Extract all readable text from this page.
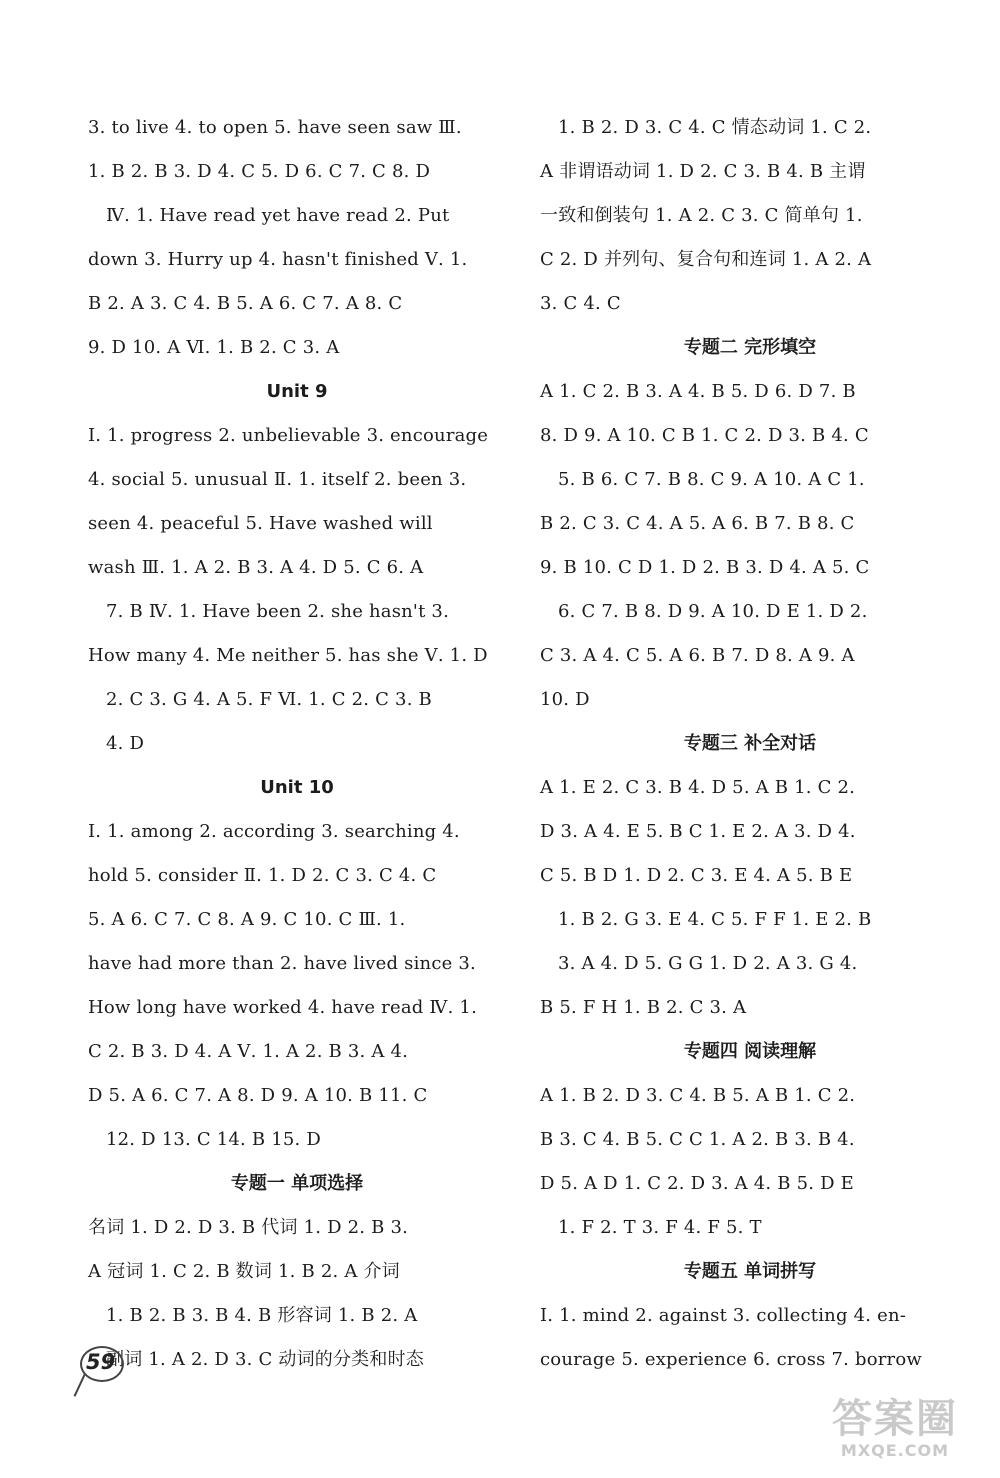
3. to live 4. to open 5. have seen saw Ⅲ.
1. B 2. B 3. D 4. C 5. D 6. C 7. C 8. D
Ⅳ. 1. Have read yet have read 2. Put
down 3. Hurry up 4. hasn't finished Ⅴ. 1.
B 2. A 3. C 4. B 5. A 6. C 7. A 8. C
9. D 10. A Ⅵ. 1. B 2. C 3. A
Unit 9
Ⅰ. 1. progress 2. unbelievable 3. encourage
4. social 5. unusual Ⅱ. 1. itself 2. been 3.
seen 4. peaceful 5. Have washed will
wash Ⅲ. 1. A 2. B 3. A 4. D 5. C 6. A
7. B Ⅳ. 1. Have been 2. she hasn't 3.
How many 4. Me neither 5. has she Ⅴ. 1. D
2. C 3. G 4. A 5. F Ⅵ. 1. C 2. C 3. B
4. D
Unit 10
Ⅰ. 1. among 2. according 3. searching 4.
hold 5. consider Ⅱ. 1. D 2. C 3. C 4. C
5. A 6. C 7. C 8. A 9. C 10. C Ⅲ. 1.
have had more than 2. have lived since 3.
How long have worked 4. have read Ⅳ. 1.
C 2. B 3. D 4. A Ⅴ. 1. A 2. B 3. A 4.
D 5. A 6. C 7. A 8. D 9. A 10. B 11. C
12. D 13. C 14. B 15. D
专题一 单项选择
名词 1. D 2. D 3. B 代词 1. D 2. B 3.
A 冠词 1. C 2. B 数词 1. B 2. A 介词
1. B 2. B 3. B 4. B 形容词 1. B 2. A
副词 1. A 2. D 3. C 动词的分类和时态
1. B 2. D 3. C 4. C 情态动词 1. C 2.
A 非谓语动词 1. D 2. C 3. B 4. B 主谓
一致和倒装句 1. A 2. C 3. C 简单句 1.
C 2. D 并列句、复合句和连词 1. A 2. A
3. C 4. C
专题二 完形填空
A 1. C 2. B 3. A 4. B 5. D 6. D 7. B
8. D 9. A 10. C B 1. C 2. D 3. B 4. C
5. B 6. C 7. B 8. C 9. A 10. A C 1.
B 2. C 3. C 4. A 5. A 6. B 7. B 8. C
9. B 10. C D 1. D 2. B 3. D 4. A 5. C
6. C 7. B 8. D 9. A 10. D E 1. D 2.
C 3. A 4. C 5. A 6. B 7. D 8. A 9. A
10. D
专题三 补全对话
A 1. E 2. C 3. B 4. D 5. A B 1. C 2.
D 3. A 4. E 5. B C 1. E 2. A 3. D 4.
C 5. B D 1. D 2. C 3. E 4. A 5. B E
1. B 2. G 3. E 4. C 5. F F 1. E 2. B
3. A 4. D 5. G G 1. D 2. A 3. G 4.
B 5. F H 1. B 2. C 3. A
专题四 阅读理解
A 1. B 2. D 3. C 4. B 5. A B 1. C 2.
B 3. C 4. B 5. C C 1. A 2. B 3. B 4.
D 5. A D 1. C 2. D 3. A 4. B 5. D E
1. F 2. T 3. F 4. F 5. T
专题五 单词拼写
Ⅰ. 1. mind 2. against 3. collecting 4. en-
courage 5. experience 6. cross 7. borrow
59
答案圈
MXQE.COM
